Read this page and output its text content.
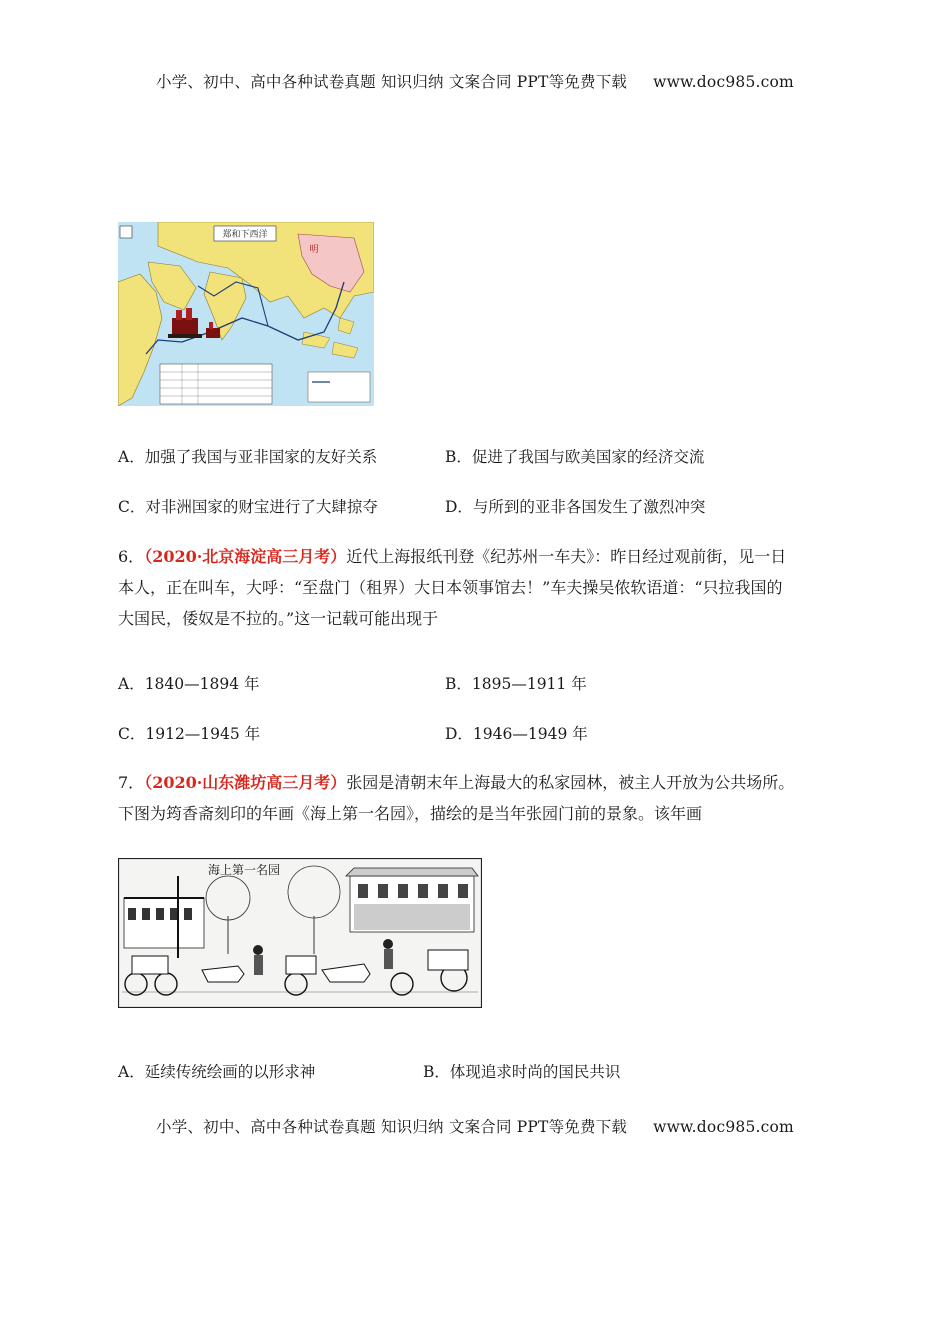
小学、初中、高中各种试卷真题 知识归纳 文案合同 PPT等免费下载 www.doc985.com
郑和下西洋
明
A．加强了我国与亚非国家的友好关系	B．促进了我国与欧美国家的经济交流
C．对非洲国家的财宝进行了大肆掠夺	D．与所到的亚非各国发生了激烈冲突
6．（2020·北京海淀高三月考）近代上海报纸刊登《纪苏州一车夫》：昨日经过观前街，见一日
本人，正在叫车，大呼：“至盘门（租界）大日本领事馆去！”车夫操吴侬软语道：“只拉我国的
大国民，倭奴是不拉的。”这一记载可能出现于
A．1840—1894 年	B．1895—1911 年
C．1912—1945 年	D．1946—1949 年
7．（2020·山东潍坊高三月考）张园是清朝末年上海最大的私家园林，被主人开放为公共场所。
下图为筠香斋刻印的年画《海上第一名园》，描绘的是当年张园门前的景象。该年画
海上第一名园
A．延续传统绘画的以形求神	B．体现追求时尚的国民共识
小学、初中、高中各种试卷真题 知识归纳 文案合同 PPT等免费下载 www.doc985.com
